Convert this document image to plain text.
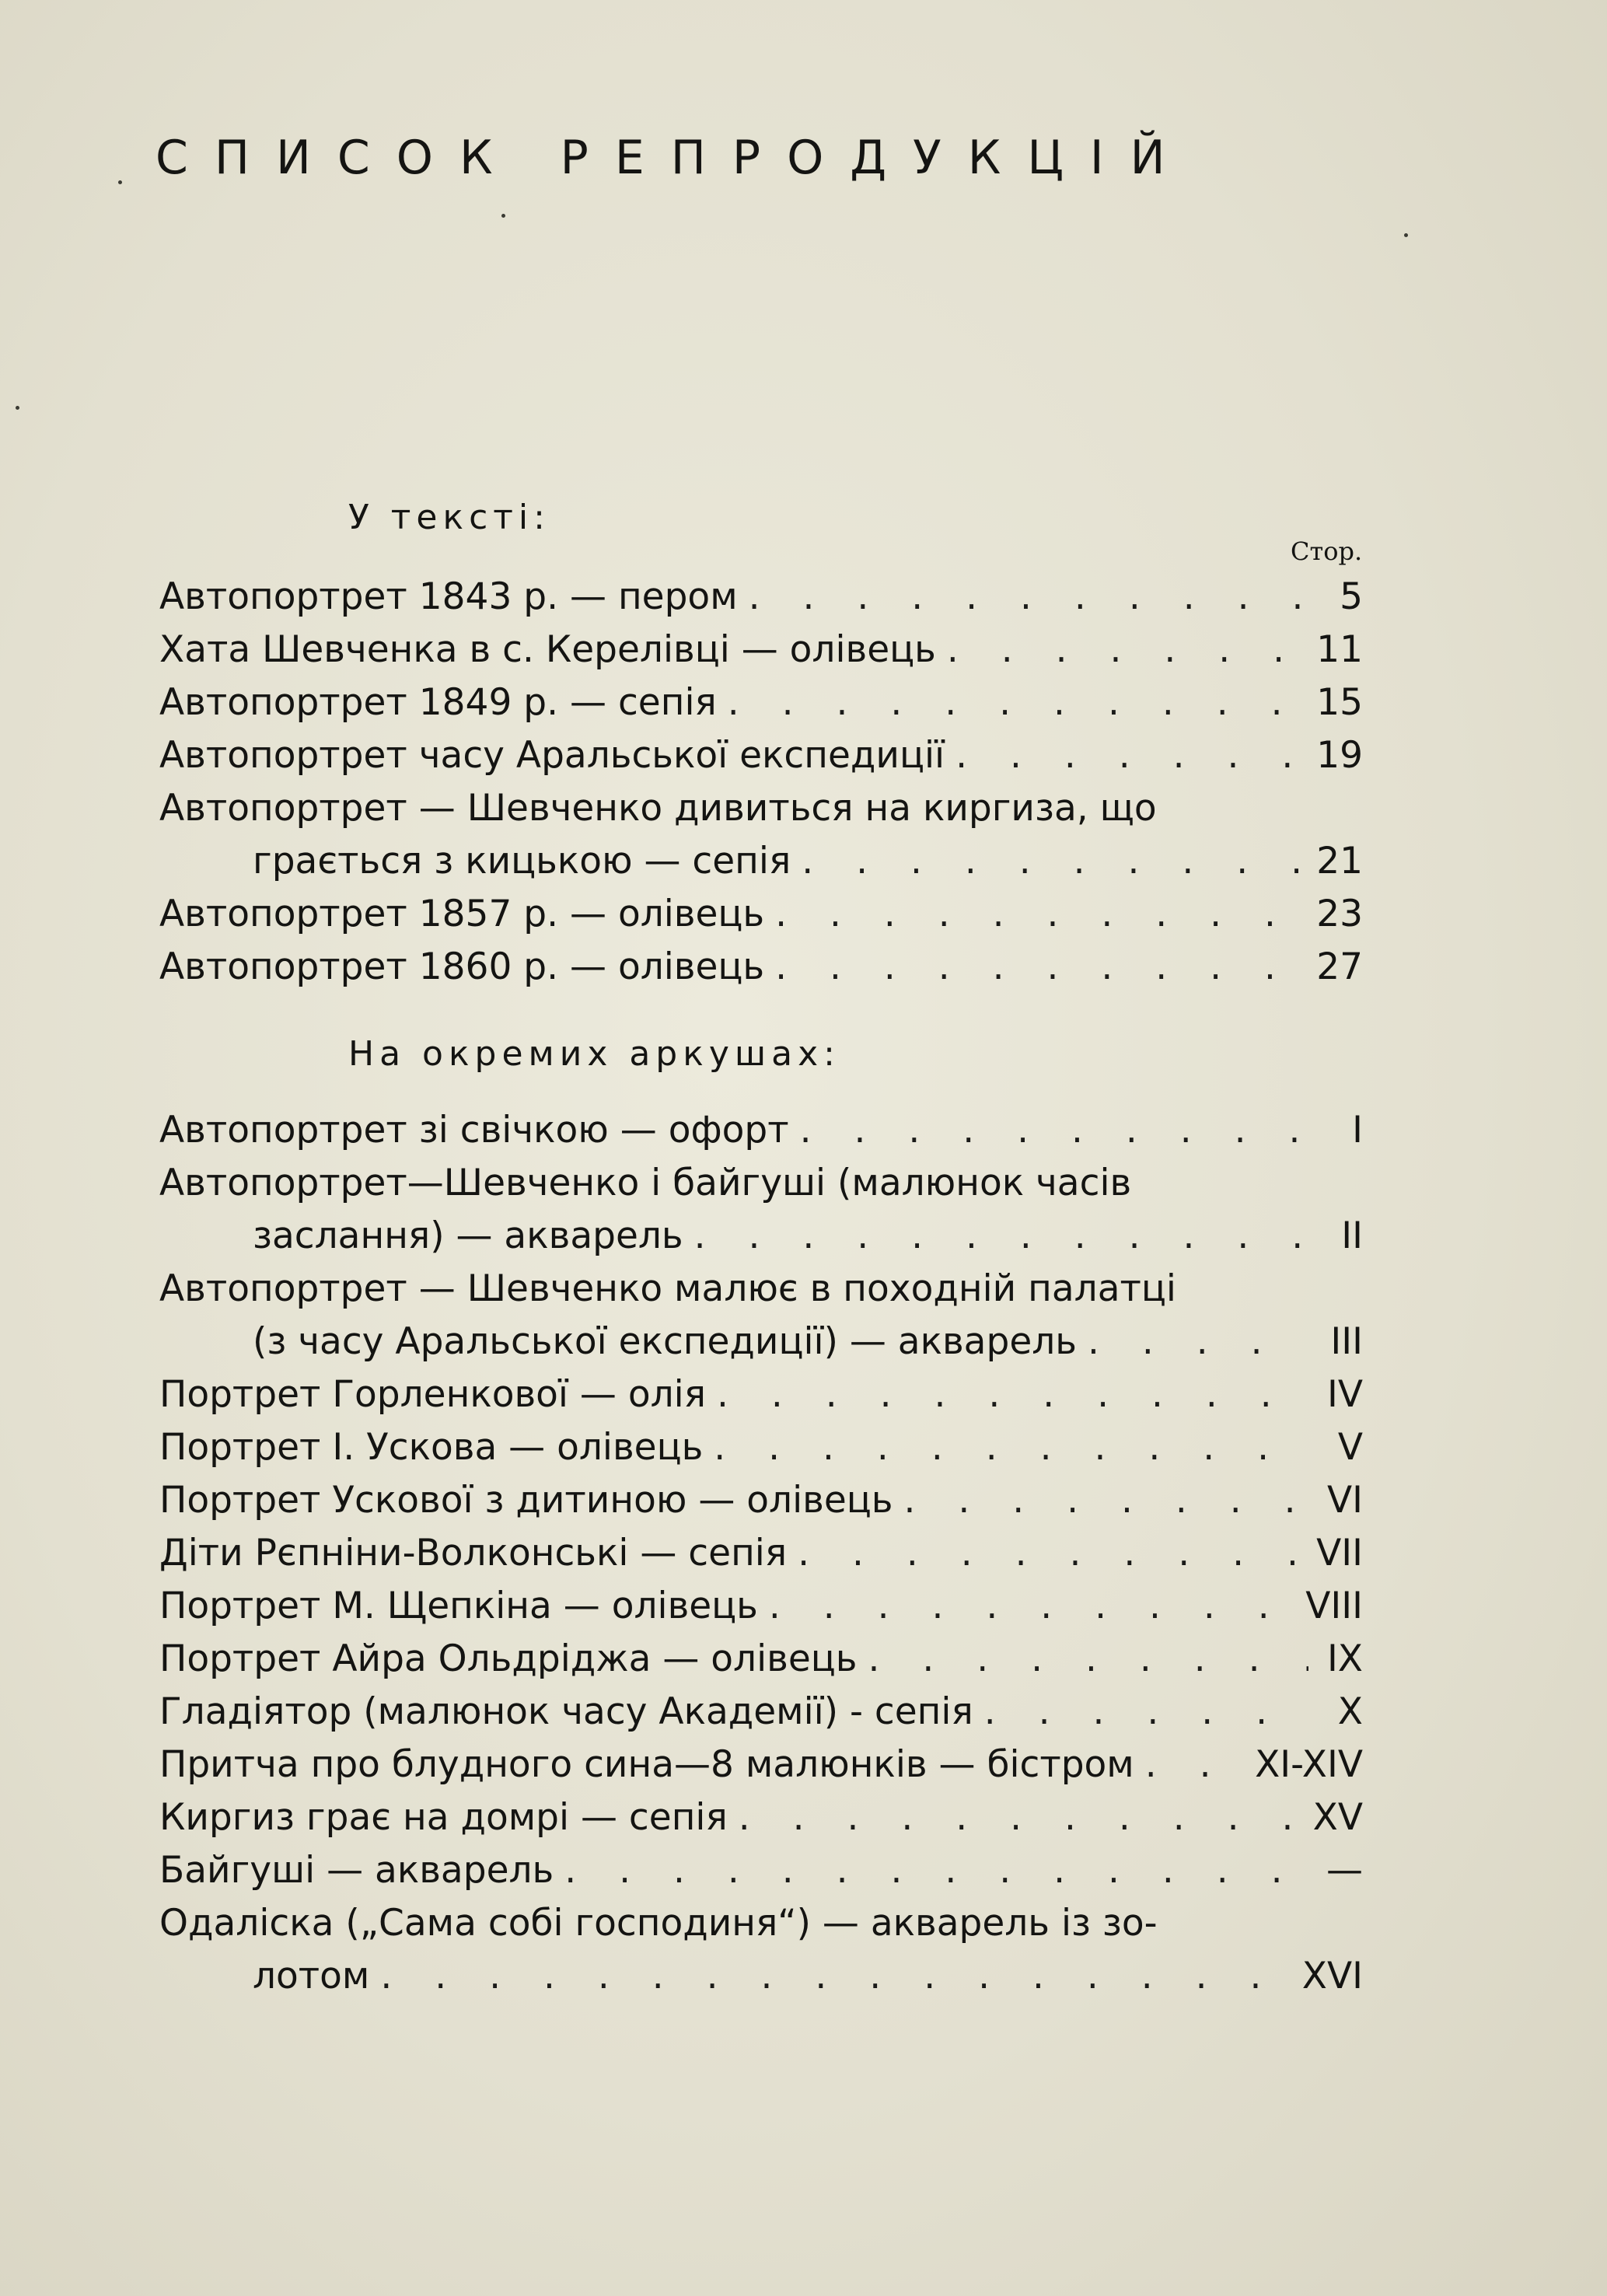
СПИСОК РЕПРОДУКЦІЙ
У тексті:
Стор.
Автопортрет 1843 р. — пером . . .	5
Хата Шевченка в с. Керелівці — олівець . . .	11
Автопортрет 1849 р. — сепія . . .	15
Автопортрет часу Аральської експедиції . . .	19
Автопортрет — Шевченко дивиться на киргиза, що
грається з кицькою — сепія . . .	21
Автопортрет 1857 р. — олівець . . .	23
Автопортрет 1860 р. — олівець . . .	27
На окремих аркушах:
Автопортрет зі свічкою — офорт . . .	I
Автопортрет—Шевченко і байгуші (малюнок часів
заслання) — акварель . . .	II
Автопортрет — Шевченко малює в походній палатці
(з часу Аральської експедиції) — акварель . . .	III
Портрет Горленкової — олія . . .	IV
Портрет І. Ускова — олівець . . .	V
Портрет Ускової з дитиною — олівець . . .	VI
Діти Рєпніни-Волконські — сепія . . .	VII
Портрет М. Щепкіна — олівець . . .	VIII
Портрет Айра Ольдріджа — олівець . . .	IX
Гладіятор (малюнок часу Академії) - сепія . . .	X
Притча про блудного сина—8 малюнків — бістром . . .	XI-XIV
Киргиз грає на домрі — сепія . . .	XV
Байгуші — акварель . . .	—
Одаліска („Сама собі господиня“) — акварель із зо-
лотом . . .	XVI
